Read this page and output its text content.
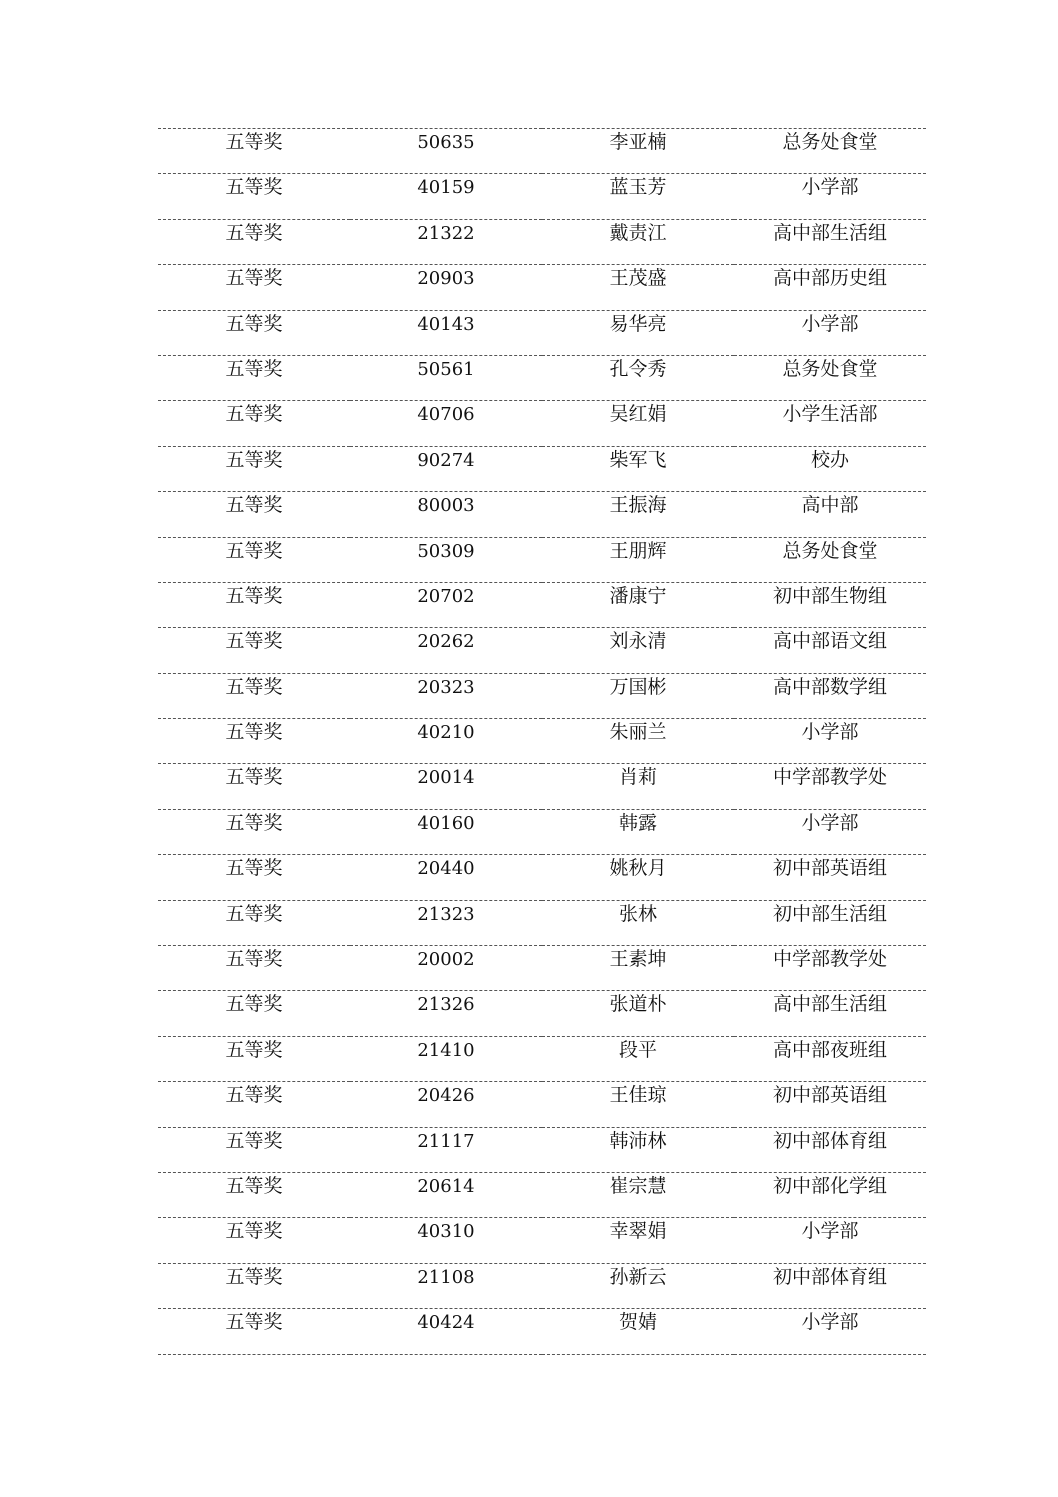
五等奖	50635	李亚楠	总务处食堂
五等奖	40159	蓝玉芳	小学部
五等奖	21322	戴责江	高中部生活组
五等奖	20903	王茂盛	高中部历史组
五等奖	40143	易华亮	小学部
五等奖	50561	孔令秀	总务处食堂
五等奖	40706	吴红娟	小学生活部
五等奖	90274	柴军飞	校办
五等奖	80003	王振海	高中部
五等奖	50309	王朋辉	总务处食堂
五等奖	20702	潘康宁	初中部生物组
五等奖	20262	刘永清	高中部语文组
五等奖	20323	万国彬	高中部数学组
五等奖	40210	朱丽兰	小学部
五等奖	20014	肖莉	中学部教学处
五等奖	40160	韩露	小学部
五等奖	20440	姚秋月	初中部英语组
五等奖	21323	张林	初中部生活组
五等奖	20002	王素坤	中学部教学处
五等奖	21326	张道朴	高中部生活组
五等奖	21410	段平	高中部夜班组
五等奖	20426	王佳琼	初中部英语组
五等奖	21117	韩沛林	初中部体育组
五等奖	20614	崔宗慧	初中部化学组
五等奖	40310	幸翠娟	小学部
五等奖	21108	孙新云	初中部体育组
五等奖	40424	贺婧	小学部
